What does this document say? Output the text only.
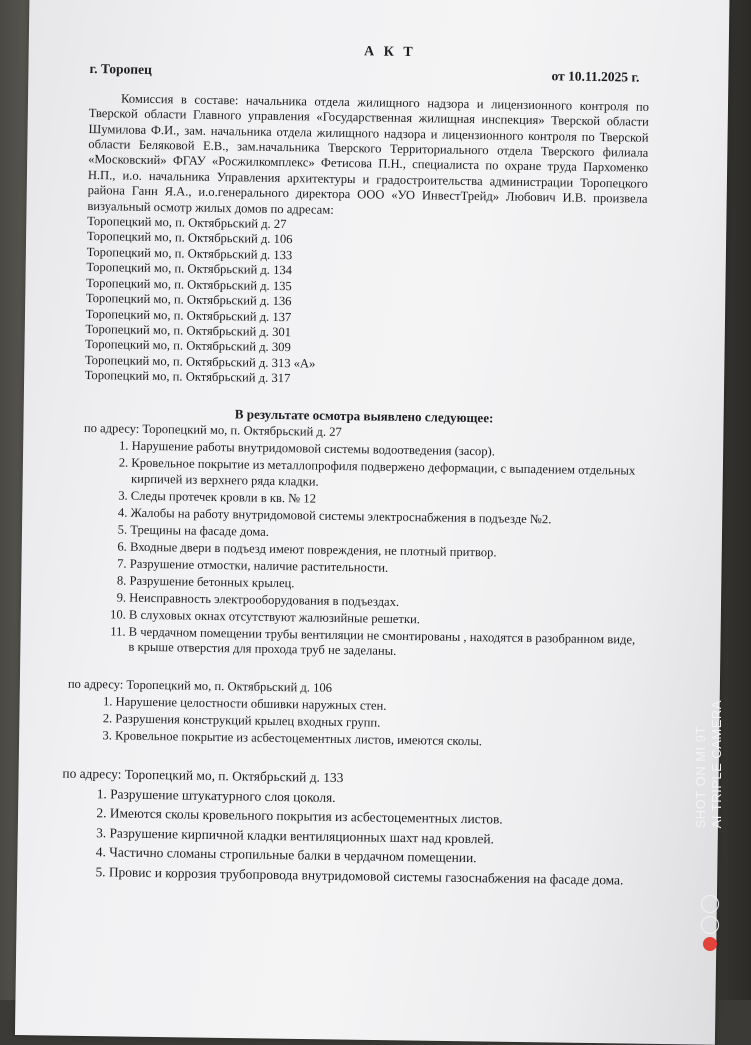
А К Т
г. Торопец	от 10.11.2025 г.
Комиссия в составе: начальника отдела жилищного надзора и лицензионного контроля по Тверской области Главного управления «Государственная жилищная инспекция» Тверской области Шумилова Ф.И., зам. начальника отдела жилищного надзора и лицензионного контроля по Тверской области Беляковой Е.В., зам.начальника Тверского Территориального отдела Тверского филиала «Московский» ФГАУ «Росжилкомплекс» Фетисова П.Н., специалиста по охране труда Пархоменко Н.П., и.о. начальника Управления архитектуры и градостроительства администрации Торопецкого района Ганн Я.А., и.о.генерального директора ООО «УО ИнвестТрейд» Любович И.В. произвела визуальный осмотр жилых домов по адресам:
Торопецкий мо, п. Октябрьский д. 27
Торопецкий мо, п. Октябрьский д. 106
Торопецкий мо, п. Октябрьский д. 133
Торопецкий мо, п. Октябрьский д. 134
Торопецкий мо, п. Октябрьский д. 135
Торопецкий мо, п. Октябрьский д. 136
Торопецкий мо, п. Октябрьский д. 137
Торопецкий мо, п. Октябрьский д. 301
Торопецкий мо, п. Октябрьский д. 309
Торопецкий мо, п. Октябрьский д. 313 «А»
Торопецкий мо, п. Октябрьский д. 317
В результате осмотра выявлено следующее:
по адресу: Торопецкий мо, п. Октябрьский д. 27
1. Нарушение работы внутридомовой системы водоотведения (засор).
2. Кровельное покрытие из металлопрофиля подвержено деформации, с выпадением отдельных кирпичей из верхнего ряда кладки.
3. Следы протечек кровли в кв. № 12
4. Жалобы на работу внутридомовой системы электроснабжения в подъезде №2.
5. Трещины на фасаде дома.
6. Входные двери в подъезд имеют повреждения, не плотный притвор.
7. Разрушение отмостки, наличие растительности.
8. Разрушение бетонных крылец.
9. Неисправность электрооборудования в подъездах.
10. В слуховых окнах отсутствуют жалюзийные решетки.
11. В чердачном помещении трубы вентиляции не смонтированы , находятся в разобранном виде, в крыше отверстия для прохода труб не заделаны.
по адресу: Торопецкий мо, п. Октябрьский д. 106
1. Нарушение целостности обшивки наружных стен.
2. Разрушения конструкций крылец входных групп.
3. Кровельное покрытие из асбестоцементных листов, имеются сколы.
по адресу: Торопецкий мо, п. Октябрьский д. 133
1. Разрушение штукатурного слоя цоколя.
2. Имеются сколы кровельного покрытия из асбестоцементных листов.
3. Разрушение кирпичной кладки вентиляционных шахт над кровлей.
4. Частично сломаны стропильные балки в чердачном помещении.
5. Провис и коррозия трубопровода внутридомовой системы газоснабжения на фасаде дома.
SHOT ON MI 9T AI TRIPLE CAMERA
